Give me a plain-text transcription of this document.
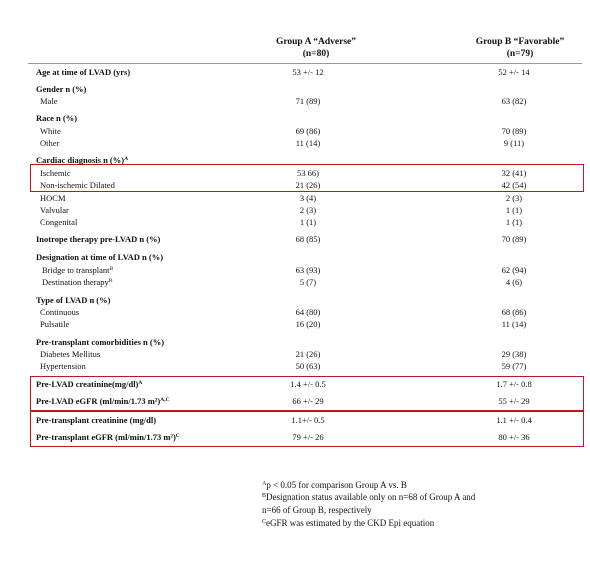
Group A “Adverse”
(n=80)
Group B “Favorable”
(n=79)
Age at time of LVAD (yrs)	53 +/- 12	52 +/- 14
Gender n (%)
Male	71 (89)	63 (82)
Race n (%)
White	69 (86)	70 (89)
Other	11 (14)	9 (11)
Cardiac diagnosis n (%)$^A$
Ischemic	53 66)	32 (41)
Non-ischemic Dilated	21 (26)	42 (54)
HOCM	3 (4)	2 (3)
Valvular	2 (3)	1 (1)
Congenital	1 (1)	1 (1)
Inotrope therapy pre-LVAD n (%)	68 (85)	70 (89)
Designation at time of LVAD n (%)
Bridge to transplant$^B$	63 (93)	62 (94)
Destination therapy$^B$	5 (7)	4 (6)
Type of LVAD n (%)
Continuous	64 (80)	68 (86)
Pulsatile	16 (20)	11 (14)
Pre-transplant comorbidities n (%)
Diabetes Mellitus	21 (26)	29 (38)
Hypertension	50 (63)	59 (77)
Pre-LVAD $creatinine(mg/dl)^A$	1.4 +/- 0.5	1.7 +/- 0.8
Pre-LVAD eGFR (ml/min/1.73 m²)$^{A,C}$	66 +/- 29	55 +/- 29
Pre-transplant creatinine (mg/dl)	1.1+/- 0.5	1.1 +/- 0.4
Pre-transplant eGFR (ml/min/1.73 m²)$^C$	79 +/- 26	80 +/- 36
$^A$p < 0.05 for comparison Group A vs. B
$^B$Designation status available only on n=68 of Group A and
n=66 of Group B, respectively
$^C$eGFR was estimated by the CKD Epi equation
